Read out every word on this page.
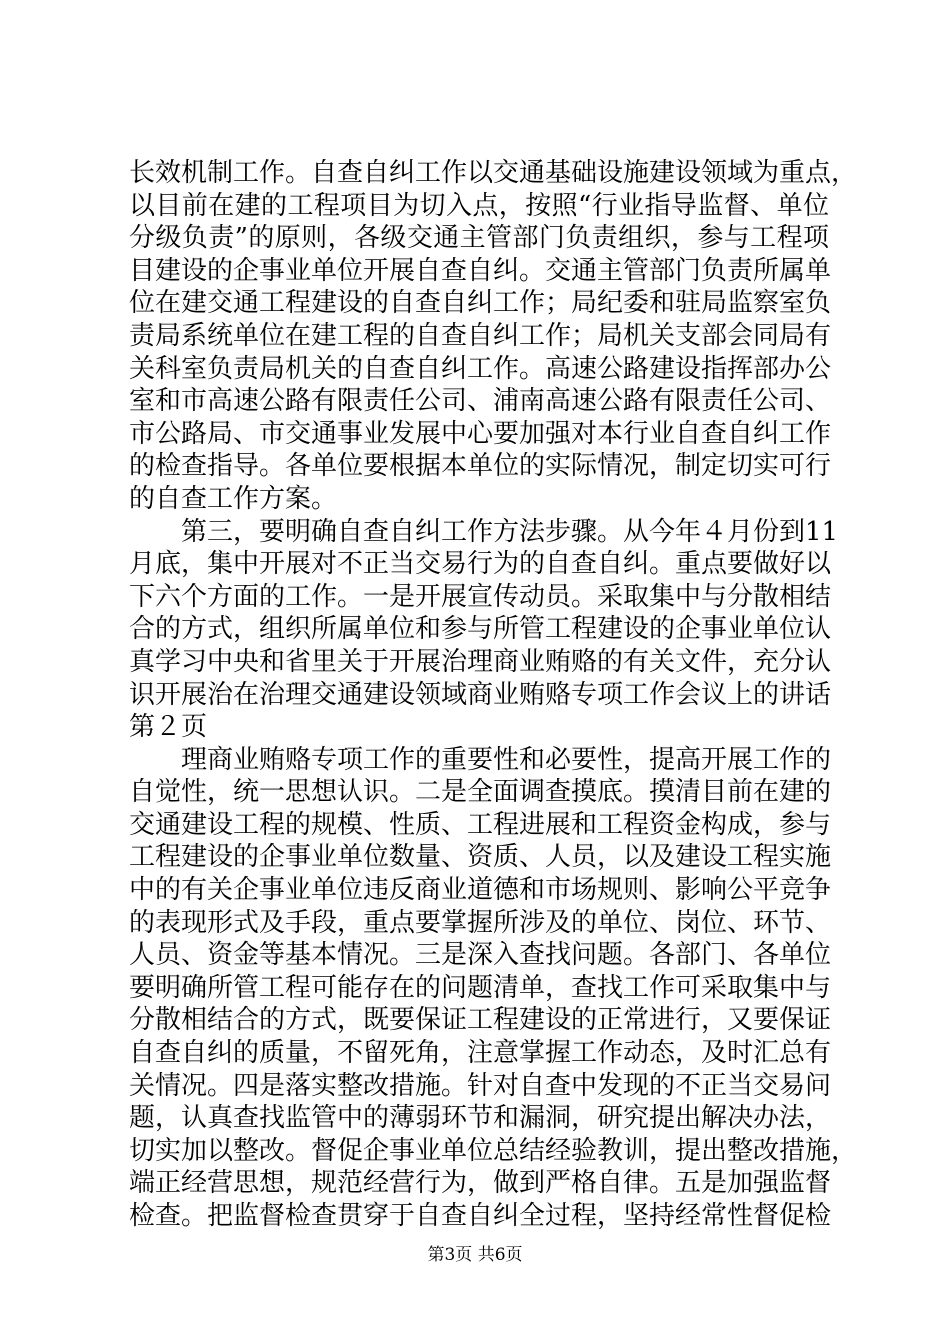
长效机制工作。自查自纠工作以交通基础设施建设领域为重点，
以目前在建的工程项目为切入点，按照“行业指导监督、单位
分级负责”的原则，各级交通主管部门负责组织，参与工程项
目建设的企事业单位开展自查自纠。交通主管部门负责所属单
位在建交通工程建设的自查自纠工作；局纪委和驻局监察室负
责局系统单位在建工程的自查自纠工作；局机关支部会同局有
关科室负责局机关的自查自纠工作。高速公路建设指挥部办公
室和市高速公路有限责任公司、浦南高速公路有限责任公司、
市公路局、市交通事业发展中心要加强对本行业自查自纠工作
的检查指导。各单位要根据本单位的实际情况，制定切实可行
的自查工作方案。
　　第三，要明确自查自纠工作方法步骤。从今年４月份到11
月底，集中开展对不正当交易行为的自查自纠。重点要做好以
下六个方面的工作。一是开展宣传动员。采取集中与分散相结
合的方式，组织所属单位和参与所管工程建设的企事业单位认
真学习中央和省里关于开展治理商业贿赂的有关文件，充分认
识开展治在治理交通建设领域商业贿赂专项工作会议上的讲话
第２页
　　理商业贿赂专项工作的重要性和必要性，提高开展工作的
自觉性，统一思想认识。二是全面调查摸底。摸清目前在建的
交通建设工程的规模、性质、工程进展和工程资金构成，参与
工程建设的企事业单位数量、资质、人员，以及建设工程实施
中的有关企事业单位违反商业道德和市场规则、影响公平竞争
的表现形式及手段，重点要掌握所涉及的单位、岗位、环节、
人员、资金等基本情况。三是深入查找问题。各部门、各单位
要明确所管工程可能存在的问题清单，查找工作可采取集中与
分散相结合的方式，既要保证工程建设的正常进行，又要保证
自查自纠的质量，不留死角，注意掌握工作动态，及时汇总有
关情况。四是落实整改措施。针对自查中发现的不正当交易问
题，认真查找监管中的薄弱环节和漏洞，研究提出解决办法，
切实加以整改。督促企事业单位总结经验教训，提出整改措施，
端正经营思想，规范经营行为，做到严格自律。五是加强监督
检查。把监督检查贯穿于自查自纠全过程，坚持经常性督促检
第3页 共6页
